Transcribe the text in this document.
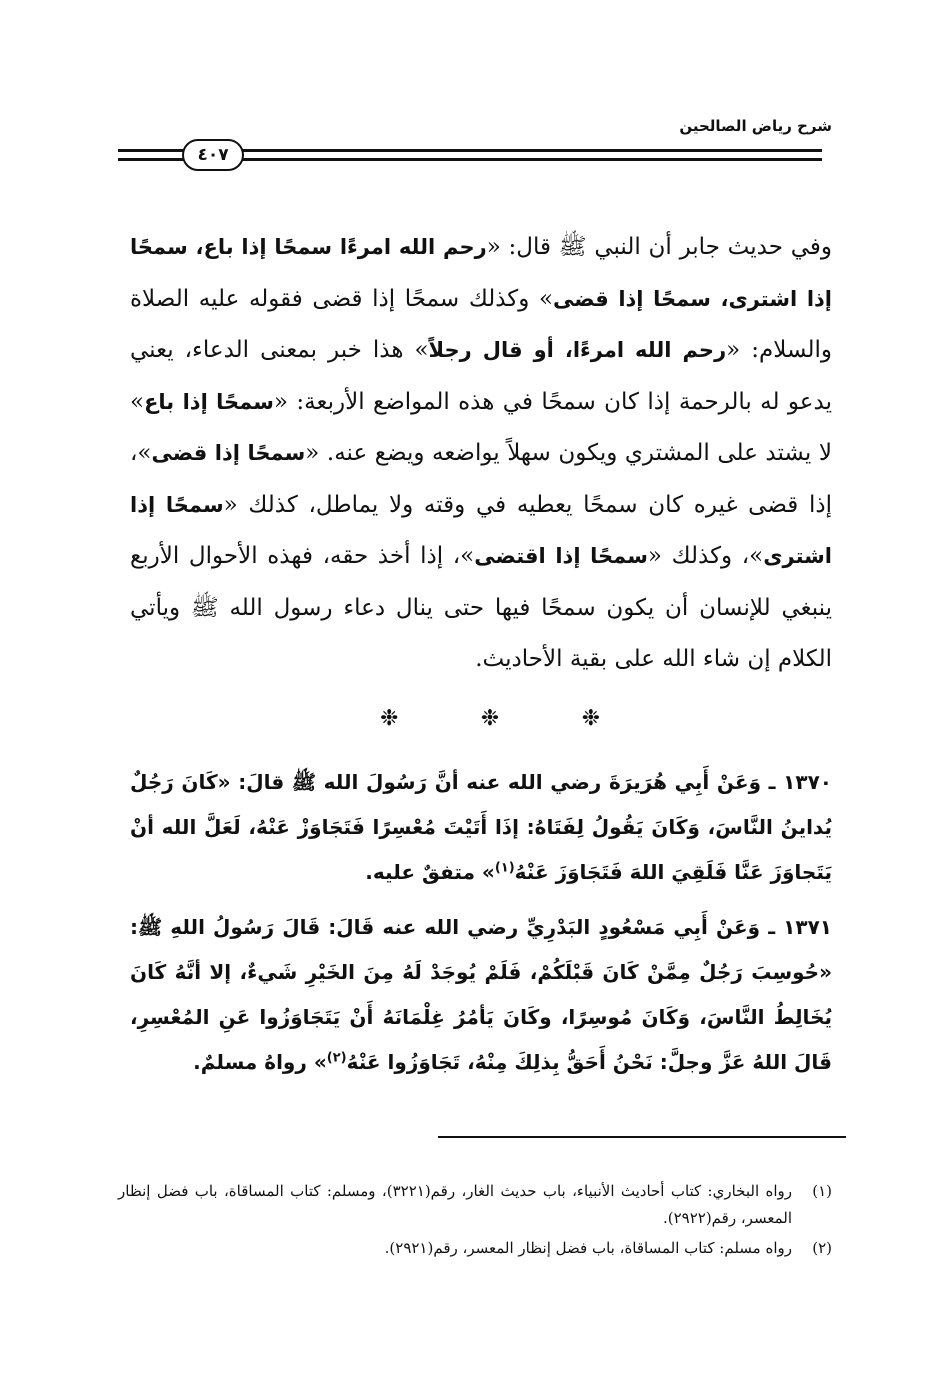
شرح رياض الصالحين
٤٠٧
وفي حديث جابر أن النبي ﷺ قال: «رحم الله امرءًا سمحًا إذا باع، سمحًا إذا اشترى، سمحًا إذا قضى» وكذلك سمحًا إذا قضى فقوله عليه الصلاة والسلام: «رحم الله امرءًا، أو قال رجلاً» هذا خبر بمعنى الدعاء، يعني يدعو له بالرحمة إذا كان سمحًا في هذه المواضع الأربعة: «سمحًا إذا باع» لا يشتد على المشتري ويكون سهلاً يواضعه ويضع عنه. «سمحًا إذا قضى»، إذا قضى غيره كان سمحًا يعطيه في وقته ولا يماطل، كذلك «سمحًا إذا اشترى»، وكذلك «سمحًا إذا اقتضى»، إذا أخذ حقه، فهذه الأحوال الأربع ينبغي للإنسان أن يكون سمحًا فيها حتى ينال دعاء رسول الله ﷺ ويأتي الكلام إن شاء الله على بقية الأحاديث.
❉	❉	❉
١٣٧٠ ـ وَعَنْ أَبِي هُرَيرَةَ رضي الله عنه أنَّ رَسُولَ الله ﷺ قالَ: «كَانَ رَجُلٌ يُداينُ النَّاسَ، وَكَانَ يَقُولُ لِفَتَاهُ: إذَا أَتَيْتَ مُعْسِرًا فَتَجَاوَزْ عَنْهُ، لَعَلَّ الله أنْ يَتَجاوَزَ عَنَّا فَلَقِيَ اللهَ فَتَجَاوَزَ عَنْهُ$^{(١)}$» متفقٌ عليه.
١٣٧١ ـ وَعَنْ أَبِي مَسْعُودٍ البَدْرِيِّ رضي الله عنه قَالَ: قَالَ رَسُولُ اللهِ ﷺ: «حُوسِبَ رَجُلٌ مِمَّنْ كَانَ قَبْلَكُمْ، فَلَمْ يُوجَدْ لَهُ مِنَ الخَيْرِ شَيءٌ، إلا أنَّهُ كَانَ يُخَالِطُ النَّاسَ، وَكَانَ مُوسِرًا، وكَانَ يَأمُرُ غِلْمَانَهُ أَنْ يَتَجَاوَزُوا عَنِ المُعْسِرِ، قَالَ اللهُ عَزَّ وجلَّ: نَحْنُ أَحَقُّ بِذلِكَ مِنْهُ، تَجَاوَزُوا عَنْهُ$^{(٢)}$» رواهُ مسلمٌ.
(١)
رواه البخاري: كتاب أحاديث الأنبياء، باب حديث الغار، رقم(٣٢٢١)، ومسلم: كتاب المساقاة، باب فضل إنظار المعسر، رقم(٢٩٢٢).
(٢)
رواه مسلم: كتاب المساقاة، باب فضل إنظار المعسر، رقم(٢٩٢١).
